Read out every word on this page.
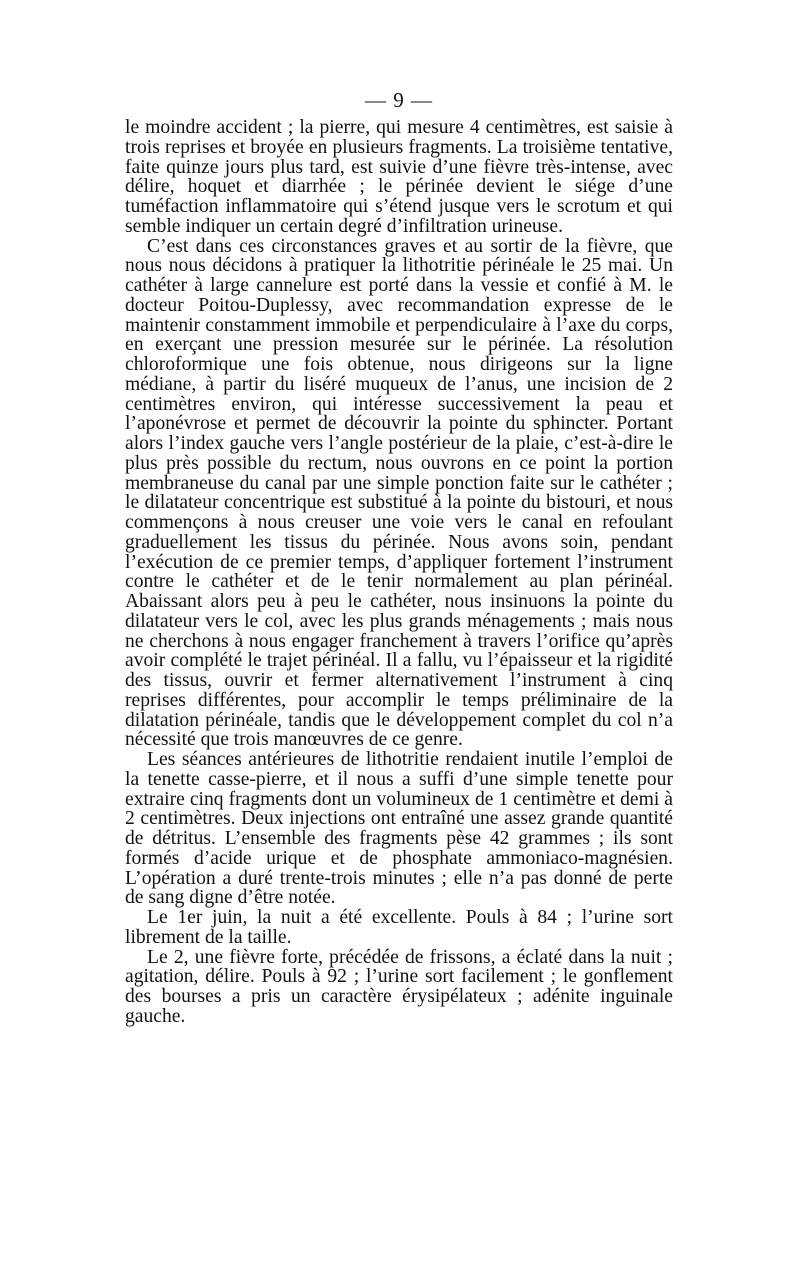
— 9 —

le moindre accident ; la pierre, qui mesure 4 centimètres, est saisie à trois reprises et broyée en plusieurs fragments. La troisième tentative, faite quinze jours plus tard, est suivie d’une fièvre très-intense, avec délire, hoquet et diarrhée ; le périnée devient le siége d’une tuméfaction inflammatoire qui s’étend jusque vers le scrotum et qui semble indiquer un certain degré d’infiltration urineuse.

C’est dans ces circonstances graves et au sortir de la fièvre, que nous nous décidons à pratiquer la lithotritie périnéale le 25 mai. Un cathéter à large cannelure est porté dans la vessie et confié à M. le docteur Poitou-Duplessy, avec recommandation expresse de le maintenir constamment immobile et perpendiculaire à l’axe du corps, en exerçant une pression mesurée sur le périnée. La résolution chloroformique une fois obtenue, nous dirigeons sur la ligne médiane, à partir du liséré muqueux de l’anus, une incision de 2 centimètres environ, qui intéresse successivement la peau et l’aponévrose et permet de découvrir la pointe du sphincter. Portant alors l’index gauche vers l’angle postérieur de la plaie, c’est-à-dire le plus près possible du rectum, nous ouvrons en ce point la portion membraneuse du canal par une simple ponction faite sur le cathéter ; le dilatateur concentrique est substitué à la pointe du bistouri, et nous commençons à nous creuser une voie vers le canal en refoulant graduellement les tissus du périnée. Nous avons soin, pendant l’exécution de ce premier temps, d’appliquer fortement l’instrument contre le cathéter et de le tenir normalement au plan périnéal. Abaissant alors peu à peu le cathéter, nous insinuons la pointe du dilatateur vers le col, avec les plus grands ménagements ; mais nous ne cherchons à nous engager franchement à travers l’orifice qu’après avoir complété le trajet périnéal. Il a fallu, vu l’épaisseur et la rigidité des tissus, ouvrir et fermer alternativement l’instrument à cinq reprises différentes, pour accomplir le temps préliminaire de la dilatation périnéale, tandis que le développement complet du col n’a nécessité que trois manœuvres de ce genre.

Les séances antérieures de lithotritie rendaient inutile l’emploi de la tenette casse-pierre, et il nous a suffi d’une simple tenette pour extraire cinq fragments dont un volumineux de 1 centimètre et demi à 2 centimètres. Deux injections ont entraîné une assez grande quantité de détritus. L’ensemble des fragments pèse 42 grammes ; ils sont formés d’acide urique et de phosphate ammoniaco-magnésien. L’opération a duré trente-trois minutes ; elle n’a pas donné de perte de sang digne d’être notée.

Le 1er juin, la nuit a été excellente. Pouls à 84 ; l’urine sort librement de la taille.

Le 2, une fièvre forte, précédée de frissons, a éclaté dans la nuit ; agitation, délire. Pouls à 92 ; l’urine sort facilement ; le gonflement des bourses a pris un caractère érysipélateux ; adénite inguinale gauche.
